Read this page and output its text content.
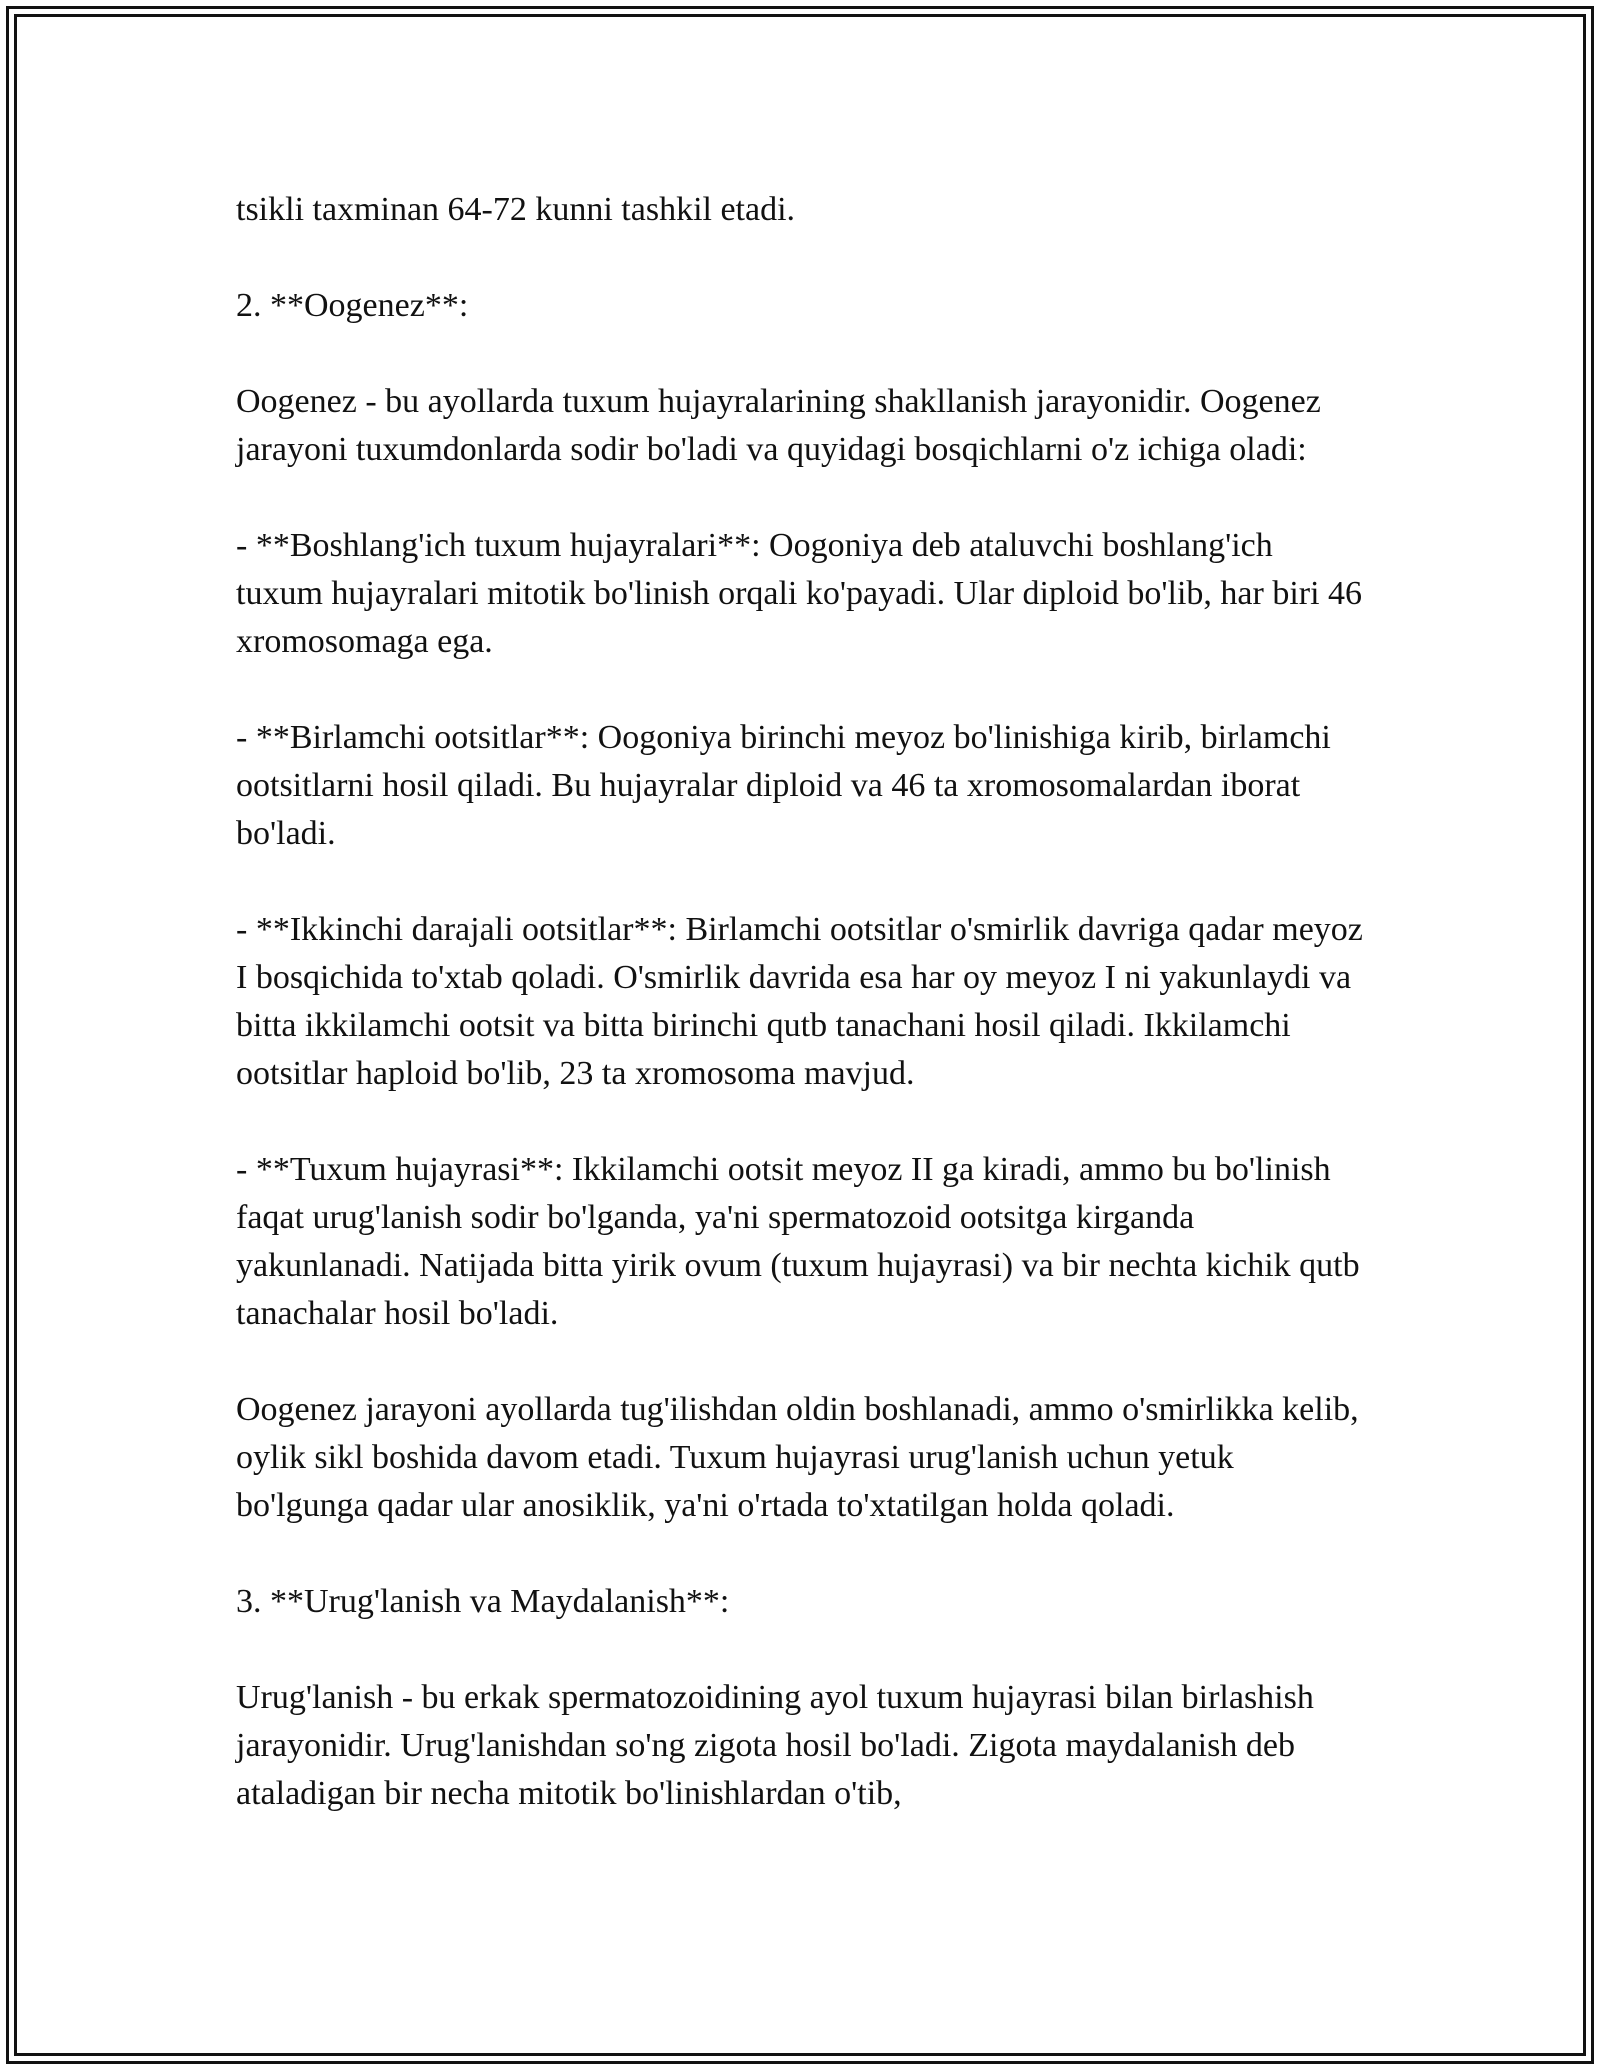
tsikli taxminan 64-72 kunni tashkil etadi.

2. **Oogenez**:

Oogenez - bu ayollarda tuxum hujayralarining shakllanish jarayonidir. Oogenez jarayoni tuxumdonlarda sodir bo'ladi va quyidagi bosqichlarni o'z ichiga oladi:

- **Boshlang'ich tuxum hujayralari**: Oogoniya deb ataluvchi boshlang'ich tuxum hujayralari mitotik bo'linish orqali ko'payadi. Ular diploid bo'lib, har biri 46 xromosomaga ega.

- **Birlamchi ootsitlar**: Oogoniya birinchi meyoz bo'linishiga kirib, birlamchi ootsitlarni hosil qiladi. Bu hujayralar diploid va 46 ta xromosomalardan iborat bo'ladi.

- **Ikkinchi darajali ootsitlar**: Birlamchi ootsitlar o'smirlik davriga qadar meyoz I bosqichida to'xtab qoladi. O'smirlik davrida esa har oy meyoz I ni yakunlaydi va bitta ikkilamchi ootsit va bitta birinchi qutb tanachani hosil qiladi. Ikkilamchi ootsitlar haploid bo'lib, 23 ta xromosoma mavjud.

- **Tuxum hujayrasi**: Ikkilamchi ootsit meyoz II ga kiradi, ammo bu bo'linish faqat urug'lanish sodir bo'lganda, ya'ni spermatozoid ootsitga kirganda yakunlanadi. Natijada bitta yirik ovum (tuxum hujayrasi) va bir nechta kichik qutb tanachalar hosil bo'ladi.

Oogenez jarayoni ayollarda tug'ilishdan oldin boshlanadi, ammo o'smirlikka kelib, oylik sikl boshida davom etadi. Tuxum hujayrasi urug'lanish uchun yetuk bo'lgunga qadar ular anosiklik, ya'ni o'rtada to'xtatilgan holda qoladi.

3. **Urug'lanish va Maydalanish**:

Urug'lanish - bu erkak spermatozoidining ayol tuxum hujayrasi bilan birlashish jarayonidir. Urug'lanishdan so'ng zigota hosil bo'ladi. Zigota maydalanish deb ataladigan bir necha mitotik bo'linishlardan o'tib,
